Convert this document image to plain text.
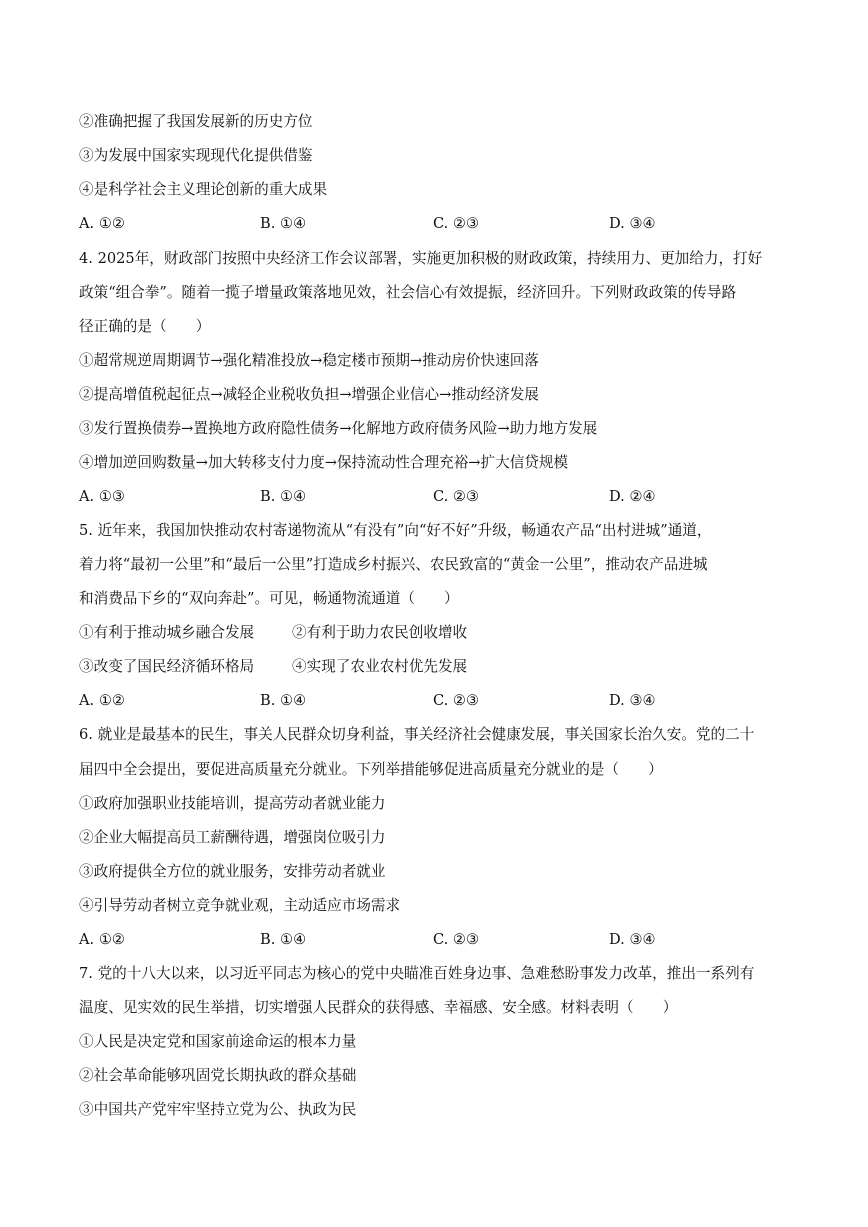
②准确把握了我国发展新的历史方位
③为发展中国家实现现代化提供借鉴
④是科学社会主义理论创新的重大成果
A. ①②	B. ①④	C. ②③	D. ③④
4. 2025年，财政部门按照中央经济工作会议部署，实施更加积极的财政政策，持续用力、更加给力，打好
政策“组合拳”。随着一揽子增量政策落地见效，社会信心有效提振，经济回升。下列财政政策的传导路
径正确的是（　　）
①超常规逆周期调节→强化精准投放→稳定楼市预期→推动房价快速回落
②提高增值税起征点→减轻企业税收负担→增强企业信心→推动经济发展
③发行置换债券→置换地方政府隐性债务→化解地方政府债务风险→助力地方发展
④增加逆回购数量→加大转移支付力度→保持流动性合理充裕→扩大信贷规模
A. ①③	B. ①④	C. ②③	D. ②④
5. 近年来，我国加快推动农村寄递物流从“有没有”向“好不好”升级，畅通农产品“出村进城”通道，
着力将“最初一公里”和“最后一公里”打造成乡村振兴、农民致富的“黄金一公里”，推动农产品进城
和消费品下乡的“双向奔赴”。可见，畅通物流通道（　　）
①有利于推动城乡融合发展	②有利于助力农民创收增收
③改变了国民经济循环格局	④实现了农业农村优先发展
A. ①②	B. ①④	C. ②③	D. ③④
6. 就业是最基本的民生，事关人民群众切身利益，事关经济社会健康发展，事关国家长治久安。党的二十
届四中全会提出，要促进高质量充分就业。下列举措能够促进高质量充分就业的是（　　）
①政府加强职业技能培训，提高劳动者就业能力
②企业大幅提高员工薪酬待遇，增强岗位吸引力
③政府提供全方位的就业服务，安排劳动者就业
④引导劳动者树立竞争就业观，主动适应市场需求
A. ①②	B. ①④	C. ②③	D. ③④
7. 党的十八大以来，以习近平同志为核心的党中央瞄准百姓身边事、急难愁盼事发力改革，推出一系列有
温度、见实效的民生举措，切实增强人民群众的获得感、幸福感、安全感。材料表明（　　）
①人民是决定党和国家前途命运的根本力量
②社会革命能够巩固党长期执政的群众基础
③中国共产党牢牢坚持立党为公、执政为民
